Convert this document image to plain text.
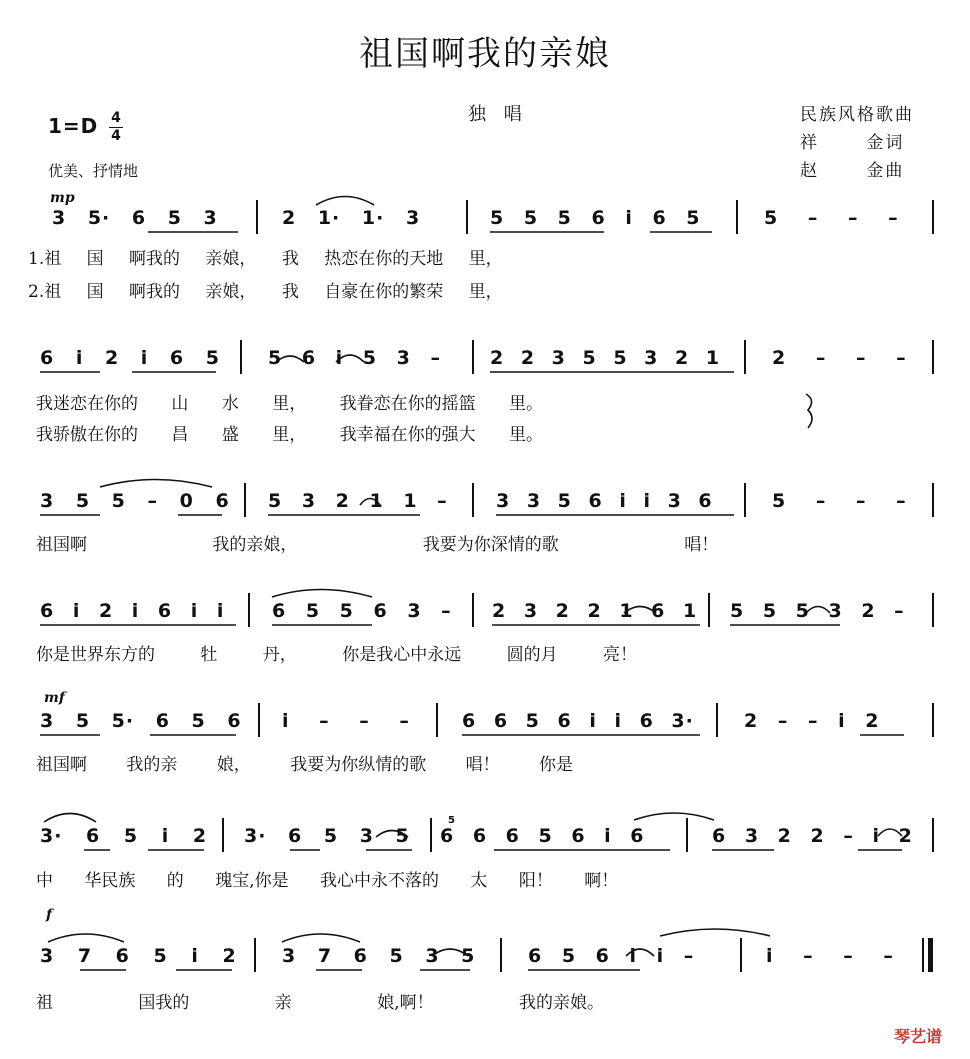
祖国啊我的亲娘
独 唱	民族风格歌曲
祥 金词
赵 金曲
1=D 4
4
优美、抒情地
mp
mf
f
3 5· 6 5 3	2 1· 1· 3	5 5 5 6 i 6 5	5 – – –
1.祖 国 啊我的 亲娘， 我 热恋在你的天地 里，
2.祖 国 啊我的 亲娘， 我 自豪在你的繁荣 里，
6 i 2 i 6 5	5 6 i 5 3 –	2 2 3 5 5 3 2 1	2 – – –
我迷恋在你的 山 水 里， 我眷恋在你的摇篮 里。
我骄傲在你的 昌 盛 里， 我幸福在你的强大 里。
3 5 5 – 0 6 5 3 2 1 1 –	3 3 5 6 i i 3 6	5 – – –
祖国啊 我的亲娘， 我要为你深情的歌 唱！
6 i 2 i 6 i i	6 5 5 6 3 – 2 3 2 2 1 6 1 5 5 5 3 2 –
你是世界东方的 牡 丹， 你是我心中永远 圆的月 亮！
3 5 5· 6 5 6 i – – –	6 6 5 6 i i 6 3·	2 – – i 2
祖国啊 我的亲 娘， 我要为你纵情的歌 唱！ 你是
3· 6 5 i 2 3· 6 5 3 5 6 6 6 5 6 i 6	6 3 2 2 – i 2
5
中 华民族 的 瑰宝,你是 我心中永不落的 太 阳！ 啊！
3 7 6 5 i 2 3 7 6 5 3 5	6 5 6 i i –	i – – –
祖 国我的 亲 娘,啊！ 我的亲娘。
琴艺谱
